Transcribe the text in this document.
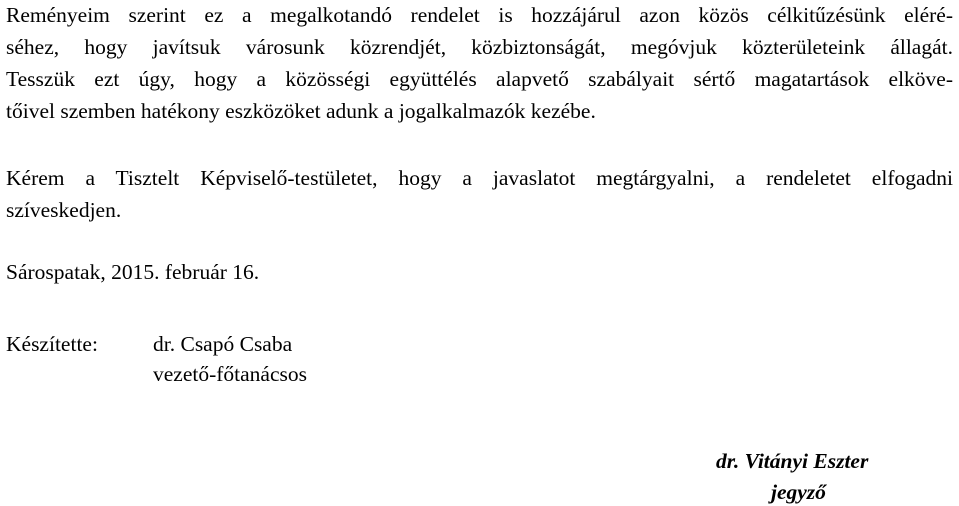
Reményeim szerint ez a megalkotandó rendelet is hozzájárul azon közös célkitűzésünk eléré-
séhez, hogy javítsuk városunk közrendjét, közbiztonságát, megóvjuk közterületeink állagát.
Tesszük ezt úgy, hogy a közösségi együttélés alapvető szabályait sértő magatartások elköve-
tőivel szemben hatékony eszközöket adunk a jogalkalmazók kezébe.
Kérem a Tisztelt Képviselő-testületet, hogy a javaslatot megtárgyalni, a rendeletet elfogadni
szíveskedjen.
Sárospatak, 2015. február 16.
Készítette:	dr. Csapó Csaba
vezető-főtanácsos
dr. Vitányi Eszter
jegyző
